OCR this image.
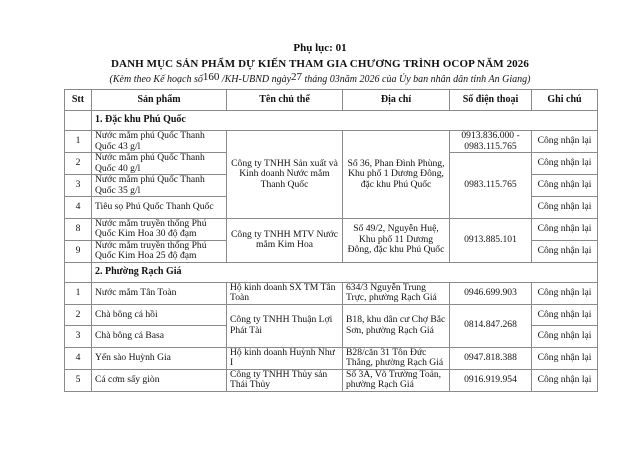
Phụ lục: 01
DANH MỤC SẢN PHẨM DỰ KIẾN THAM GIA CHƯƠNG TRÌNH OCOP NĂM 2026
(Kèm theo Kế hoạch số160 /KH-UBND ngày27 tháng 03năm 2026 của Ủy ban nhân dân tỉnh An Giang)
Stt	Sản phẩm	Tên chủ thể	Địa chỉ	Số điện thoại	Ghi chú
	1. Đặc khu Phú Quốc				
1	Nước mắm phú Quốc Thanh Quốc 43 g/l	Công ty TNHH Sản xuất và Kinh doanh Nước mắm Thanh Quốc	Số 36, Phan Đình Phùng, Khu phố 1 Dương Đông, đặc khu Phú Quốc	0913.836.000 - 0983.115.765	Công nhận lại
2	Nước mắm phú Quốc Thanh Quốc 40 g/l			0983.115.765	Công nhận lại
3	Nước mắm phú Quốc Thanh Quốc 35 g/l				Công nhận lại
4	Tiêu sọ Phú Quốc Thanh Quốc				Công nhận lại
8	Nước mắm truyền thống Phú Quốc Kim Hoa 30 độ đạm	Công ty TNHH MTV Nước mắm Kim Hoa	Số 49/2, Nguyễn Huệ, Khu phố 11 Dương Đông, đặc khu Phú Quốc	0913.885.101	Công nhận lại
9	Nước mắm truyền thống Phú Quốc Kim Hoa 25 độ đạm				Công nhận lại
	2. Phường Rạch Giá				
1	Nước mắm Tân Toàn	Hộ kinh doanh SX TM Tân Toàn	634/3 Nguyễn Trung Trực, phường Rạch Giá	0946.699.903	Công nhận lại
2	Chà bông cá hồi	Công ty TNHH Thuận Lợi Phát Tài	B18, khu dân cư Chợ Bắc Sơn, phường Rạch Giá	0814.847.268	Công nhận lại
3	Chà bông cá Basa				Công nhận lại
4	Yến sào Huỳnh Gia	Hộ kinh doanh Huỳnh Như I	B28/căn 31 Tôn Đức Thắng, phường Rạch Giá	0947.818.388	Công nhận lại
5	Cá cơm sấy giòn	Công ty TNHH Thủy sản Thái Thủy	Số 3A, Võ Trường Toản, phường Rạch Giá	0916.919.954	Công nhận lại
